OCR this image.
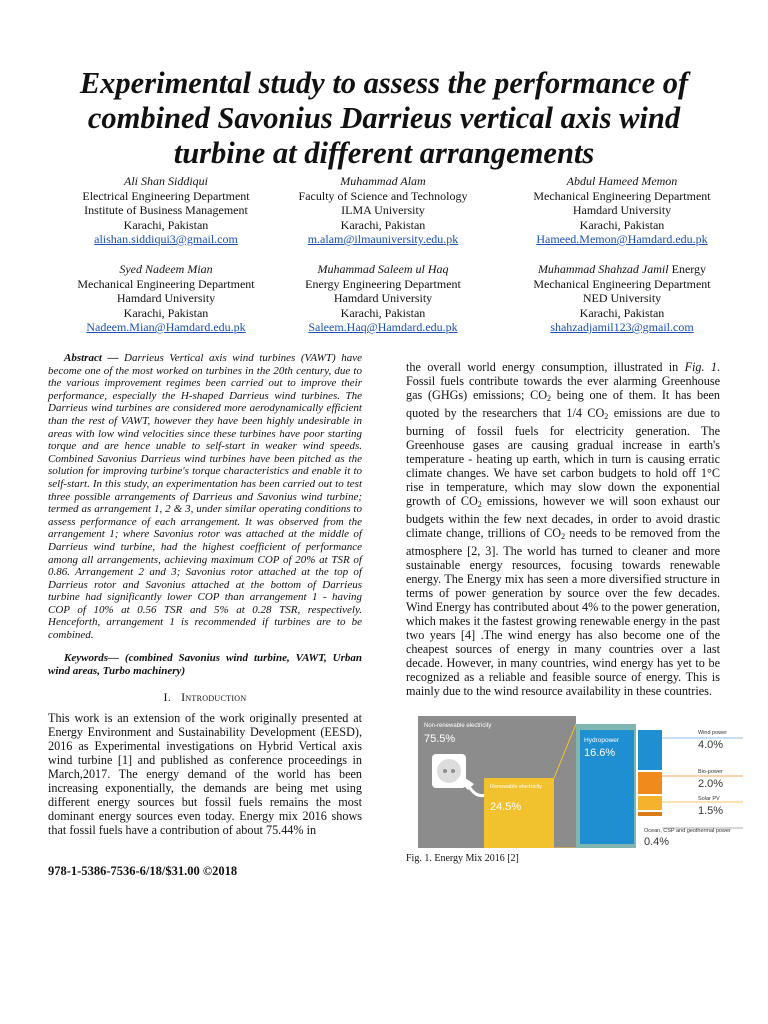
Experimental study to assess the performance of combined Savonius Darrieus vertical axis wind turbine at different arrangements
Ali Shan Siddiqui
Electrical Engineering Department
Institute of Business Management
Karachi, Pakistan
alishan.siddiqui3@gmail.com
Muhammad Alam
Faculty of Science and Technology
ILMA University
Karachi, Pakistan
m.alam@ilmauniversity.edu.pk
Abdul Hameed Memon
Mechanical Engineering Department
Hamdard University
Karachi, Pakistan
Hameed.Memon@Hamdard.edu.pk
Syed Nadeem Mian
Mechanical Engineering Department
Hamdard University
Karachi, Pakistan
Nadeem.Mian@Hamdard.edu.pk
Muhammad Saleem ul Haq
Energy Engineering Department
Hamdard University
Karachi, Pakistan
Saleem.Haq@Hamdard.edu.pk
Muhammad Shahzad Jamil Energy
Mechanical Engineering Department
NED University
Karachi, Pakistan
shahzadjamil123@gmail.com

Abstract — Darrieus Vertical axis wind turbines (VAWT) have become one of the most worked on turbines in the 20th century, due to the various improvement regimes been carried out to improve their performance, especially the H-shaped Darrieus wind turbines. The Darrieus wind turbines are considered more aerodynamically efficient than the rest of VAWT, however they have been highly undesirable in areas with low wind velocities since these turbines have poor starting torque and are hence unable to self-start in weaker wind speeds. Combined Savonius Darrieus wind turbines have been pitched as the solution for improving turbine's torque characteristics and enable it to self-start. In this study, an experimentation has been carried out to test three possible arrangements of Darrieus and Savonius wind turbine; termed as arrangement 1, 2 & 3, under similar operating conditions to assess performance of each arrangement. It was observed from the arrangement 1; where Savonius rotor was attached at the middle of Darrieus wind turbine, had the highest coefficient of performance among all arrangements, achieving maximum COP of 20% at TSR of 0.86. Arrangement 2 and 3; Savonius rotor attached at the top of Darrieus rotor and Savonius attached at the bottom of Darrieus turbine had significantly lower COP than arrangement 1 - having COP of 10% at 0.56 TSR and 5% at 0.28 TSR, respectively. Henceforth, arrangement 1 is recommended if turbines are to be combined.

Keywords— (combined Savonius wind turbine, VAWT, Urban wind areas, Turbo machinery)

I. Introduction

This work is an extension of the work originally presented at Energy Environment and Sustainability Development (EESD), 2016 as Experimental investigations on Hybrid Vertical axis wind turbine [1] and published as conference proceedings in March,2017. The energy demand of the world has been increasing exponentially, the demands are being met using different energy sources but fossil fuels remains the most dominant energy sources even today. Energy mix 2016 shows that fossil fuels have a contribution of about 75.44% in

978-1-5386-7536-6/18/$31.00 ©2018

the overall world energy consumption, illustrated in Fig. 1. Fossil fuels contribute towards the ever alarming Greenhouse gas (GHGs) emissions; $CO_2$ being one of them. It has been quoted by the researchers that 1/4 $CO_2$ emissions are due to burning of fossil fuels for electricity generation. The Greenhouse gases are causing gradual increase in earth's temperature - heating up earth, which in turn is causing erratic climate changes. We have set carbon budgets to hold off 1°C rise in temperature, which may slow down the exponential growth of $CO_2$ emissions, however we will soon exhaust our budgets within the few next decades, in order to avoid drastic climate change, trillions of $CO_2$ needs to be removed from the atmosphere [2, 3]. The world has turned to cleaner and more sustainable energy resources, focusing towards renewable energy. The Energy mix has seen a more diversified structure in terms of power generation by source over the few decades. Wind Energy has contributed about 4% to the power generation, which makes it the fastest growing renewable energy in the past two years [4] .The wind energy has also become one of the cheapest sources of energy in many countries over a last decade. However, in many countries, wind energy has yet to be recognized as a reliable and feasible source of energy. This is mainly due to the wind resource availability in these countries.

Non-renewable electricity
75.5%
Renewable electricity
24.5%
Hydropower
16.6%
Wind power
4.0%
Bio-power
2.0%
Solar PV
1.5%
Ocean, CSP and geothermal power
0.4%
Fig. 1. Energy Mix 2016 [2]
